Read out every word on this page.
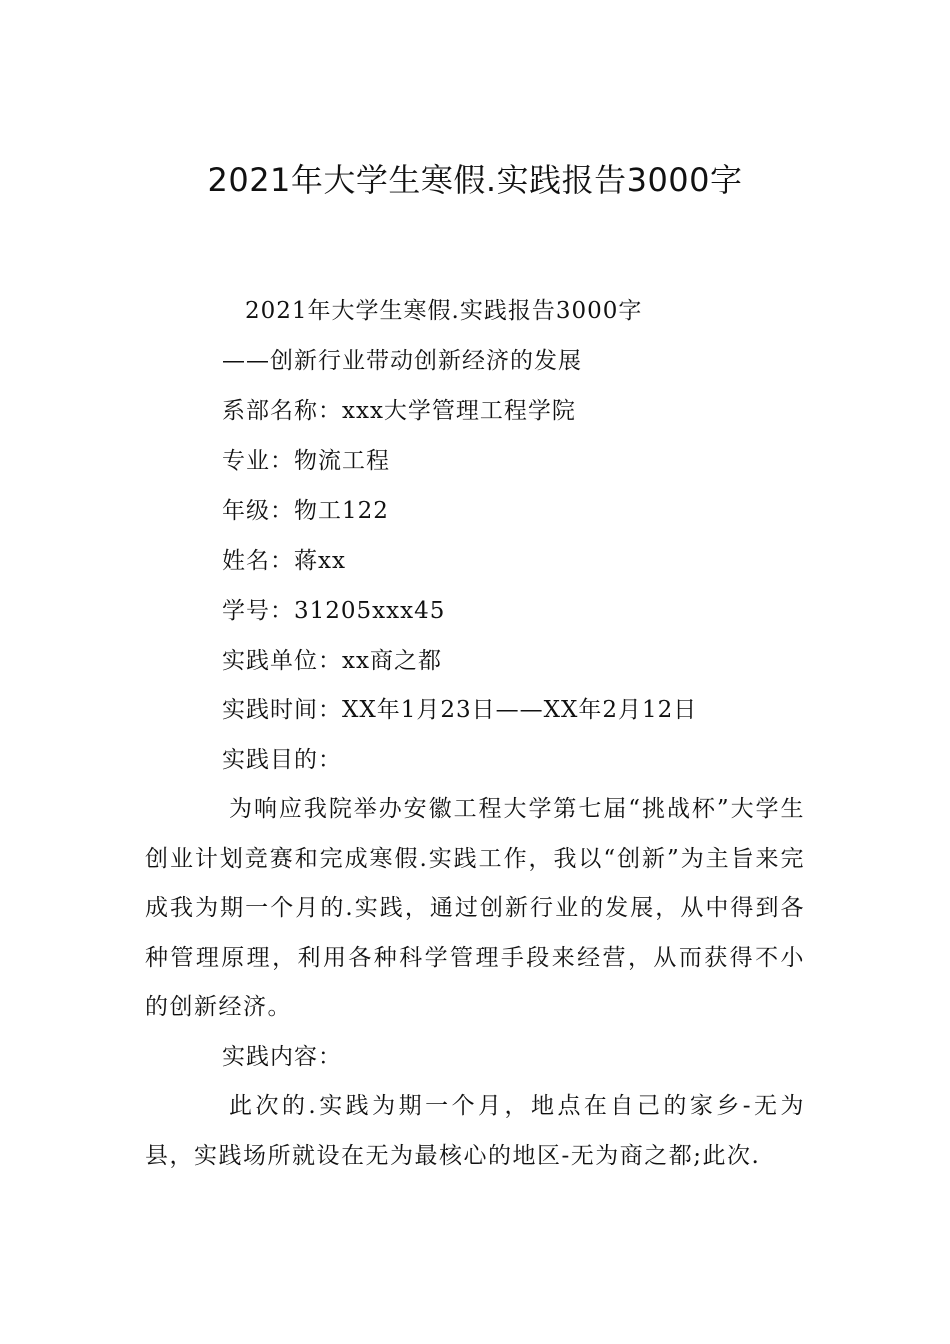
2021年大学生寒假.实践报告3000字

2021年大学生寒假.实践报告3000字

——创新行业带动创新经济的发展

系部名称：xxx大学管理工程学院

专业：物流工程

年级：物工122

姓名：蒋xx

学号：31205xxx45

实践单位：xx商之都

实践时间：XX年1月23日——XX年2月12日

实践目的：

为响应我院举办安徽工程大学第七届“挑战杯”大学生创业计划竞赛和完成寒假.实践工作，我以“创新”为主旨来完成我为期一个月的.实践，通过创新行业的发展，从中得到各种管理原理，利用各种科学管理手段来经营，从而获得不小的创新经济。

实践内容：

此次的.实践为期一个月，地点在自己的家乡-无为县，实践场所就设在无为最核心的地区-无为商之都;此次.
